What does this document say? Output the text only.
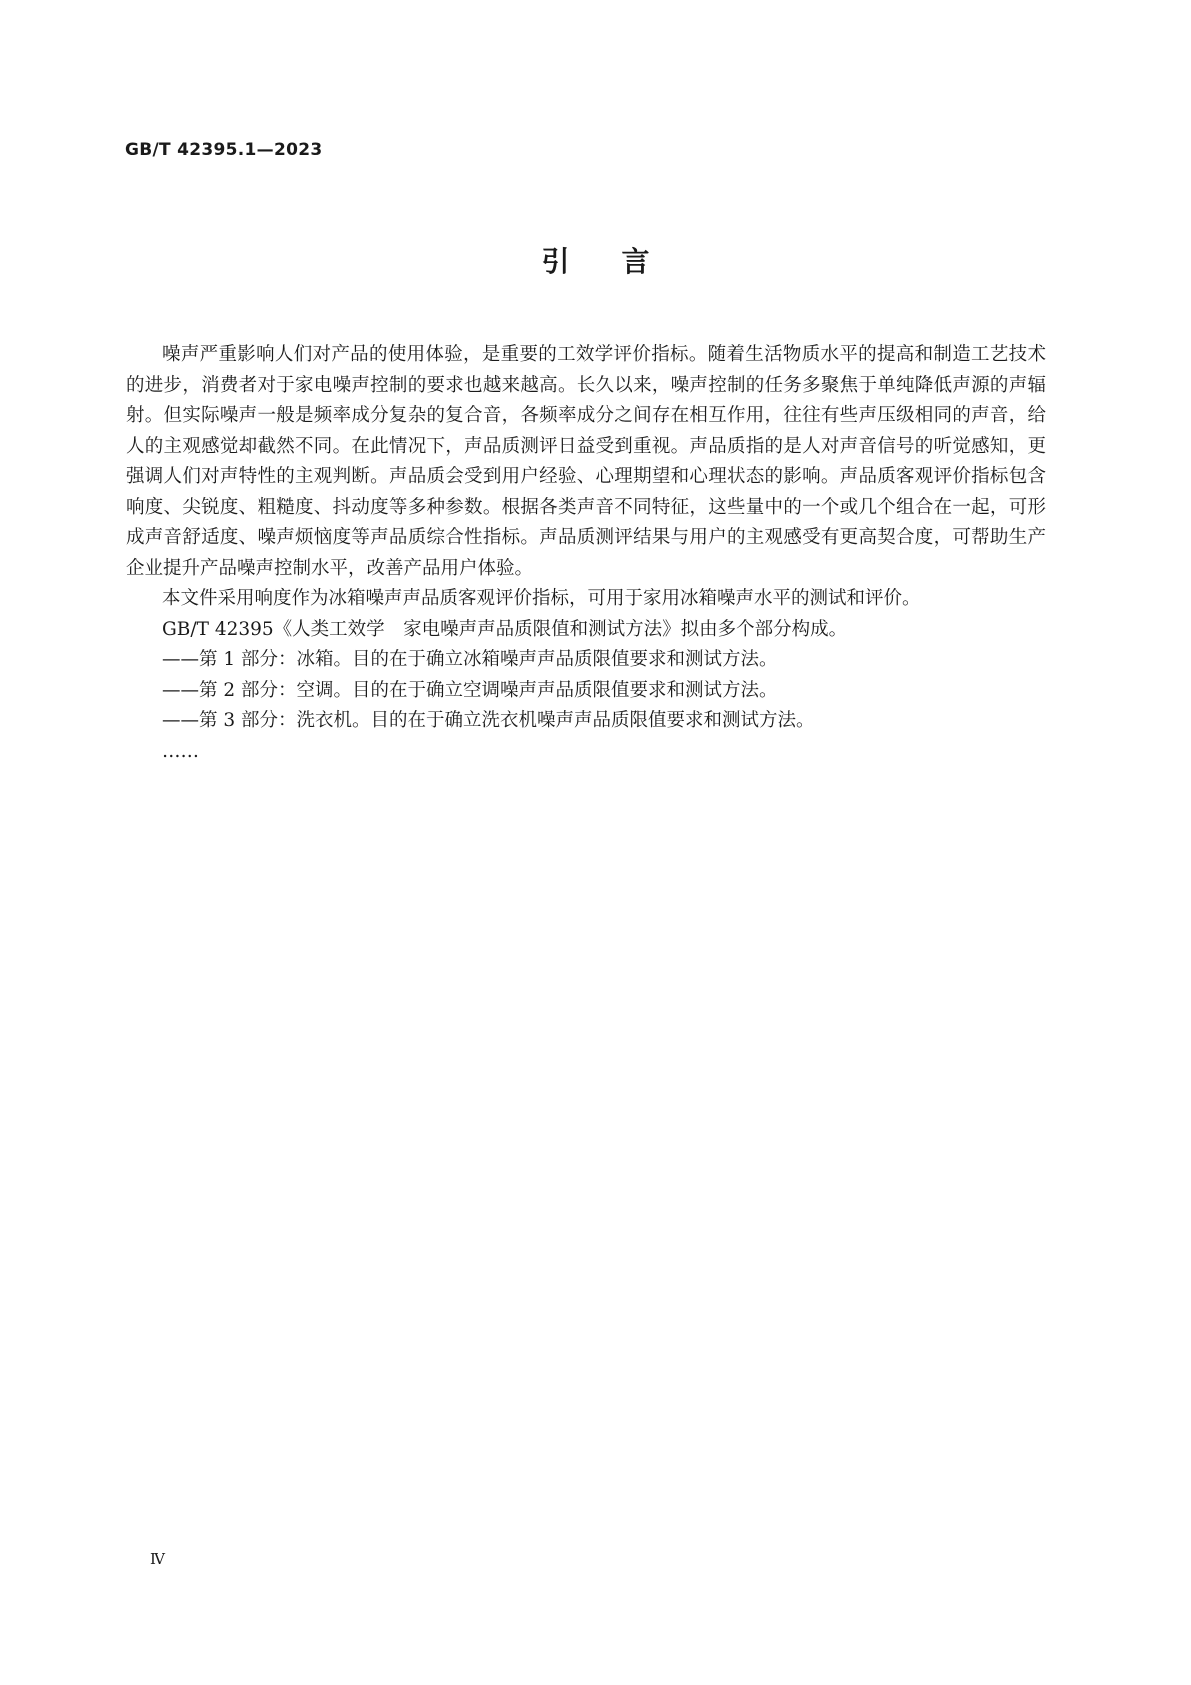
GB/T 42395.1—2023
引 言

噪声严重影响人们对产品的使用体验，是重要的工效学评价指标。随着生活物质水平的提高和制造工艺技术的进步，消费者对于家电噪声控制的要求也越来越高。长久以来，噪声控制的任务多聚焦于单纯降低声源的声辐射。但实际噪声一般是频率成分复杂的复合音，各频率成分之间存在相互作用，往往有些声压级相同的声音，给人的主观感觉却截然不同。在此情况下，声品质测评日益受到重视。声品质指的是人对声音信号的听觉感知，更强调人们对声特性的主观判断。声品质会受到用户经验、心理期望和心理状态的影响。声品质客观评价指标包含响度、尖锐度、粗糙度、抖动度等多种参数。根据各类声音不同特征，这些量中的一个或几个组合在一起，可形成声音舒适度、噪声烦恼度等声品质综合性指标。声品质测评结果与用户的主观感受有更高契合度，可帮助生产企业提升产品噪声控制水平，改善产品用户体验。

本文件采用响度作为冰箱噪声声品质客观评价指标，可用于家用冰箱噪声水平的测试和评价。

GB/T 42395《人类工效学　家电噪声声品质限值和测试方法》拟由多个部分构成。

——第 1 部分：冰箱。目的在于确立冰箱噪声声品质限值要求和测试方法。

——第 2 部分：空调。目的在于确立空调噪声声品质限值要求和测试方法。

——第 3 部分：洗衣机。目的在于确立洗衣机噪声声品质限值要求和测试方法。

……

Ⅳ
